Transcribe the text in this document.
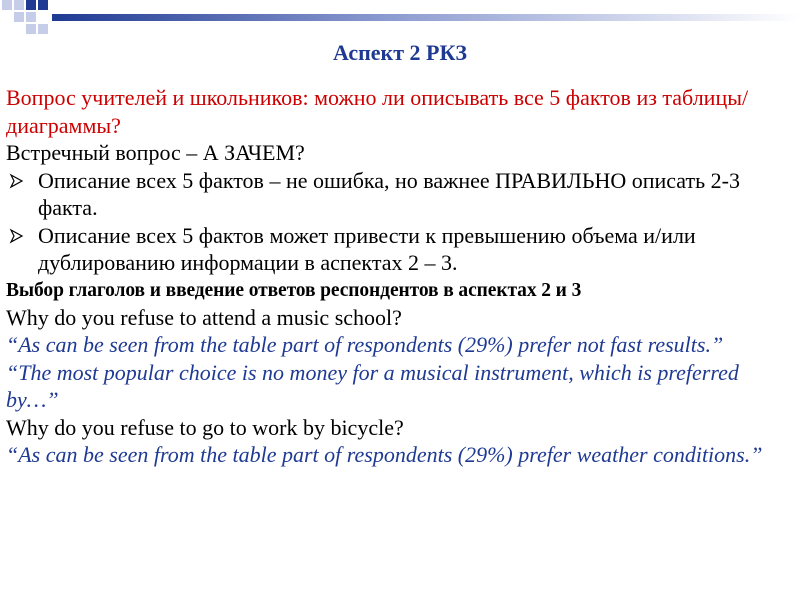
Аспект 2 РКЗ
Вопрос учителей и школьников: можно ли описывать все 5 фактов из таблицы/диаграммы?
Встречный вопрос – А ЗАЧЕМ?
Описание всех 5 фактов – не ошибка, но важнее ПРАВИЛЬНО описать 2-3 факта.
Описание всех 5 фактов может привести к превышению объема и/или дублированию информации в аспектах 2 – 3.
Выбор глаголов и введение ответов респондентов в аспектах 2 и 3
Why do you refuse to attend a music school?
“As can be seen from the table part of respondents (29%) prefer not fast results.”
“The most popular choice is no money for a musical instrument, which is preferred by…”
Why do you refuse to go to work by bicycle?
“As can be seen from the table part of respondents (29%) prefer weather conditions.”
